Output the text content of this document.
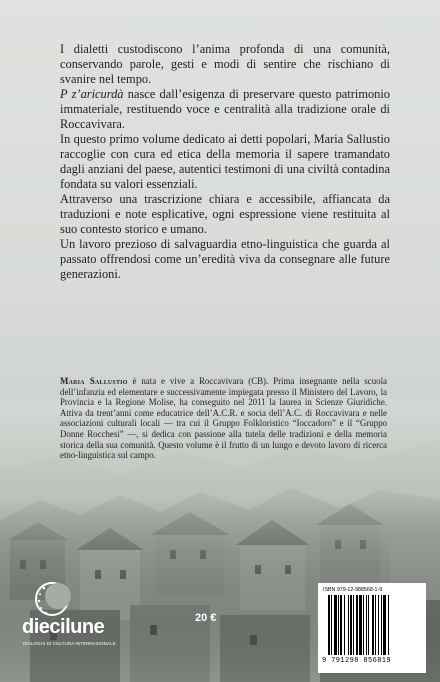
I dialetti custodiscono l’anima profonda di una comunità, conservando parole, gesti e modi di sentire che rischiano di svanire nel tempo.

P z’aricurdà nasce dall’esigenza di preservare questo patrimonio immateriale, restituendo voce e centralità alla tradizione orale di Roccavivara.

In questo primo volume dedicato ai detti popolari, Maria Sallustio raccoglie con cura ed etica della memoria il sapere tramandato dagli anziani del paese, autentici testimoni di una civiltà contadina fondata su valori essenziali.

Attraverso una trascrizione chiara e accessibile, affiancata da traduzioni e note esplicative, ogni espressione viene restituita al suo contesto storico e umano.

Un lavoro prezioso di salvaguardia etno-linguistica che guarda al passato offrendosi come un’eredità viva da consegnare alle future generazioni.

Maria Sallustio è nata e vive a Roccavivara (CB). Prima insegnante nella scuola dell’infanzia ed elementare e successivamente impiegata presso il Ministero del Lavoro, la Provincia e la Regione Molise, ha conseguito nel 2011 la laurea in Scienze Giuridiche. Attiva da trent’anni come educatrice dell’A.C.R. e socia dell’A.C. di Roccavivara e nelle associazioni culturali locali — tra cui il Gruppo Folkloristico “Ioccadoro” e il “Gruppo Donne Rocchesi” —, si dedica con passione alla tutela delle tradizioni e della memoria storica della sua comunità. Questo volume è il frutto di un lungo e devoto lavoro di ricerca etno-linguistica sul campo.
diecilune
DIALOGHI DI CULTURA INTERNAZIONALE
20 €
ISBN 979-12-988568-1-9
9 791298 856819
